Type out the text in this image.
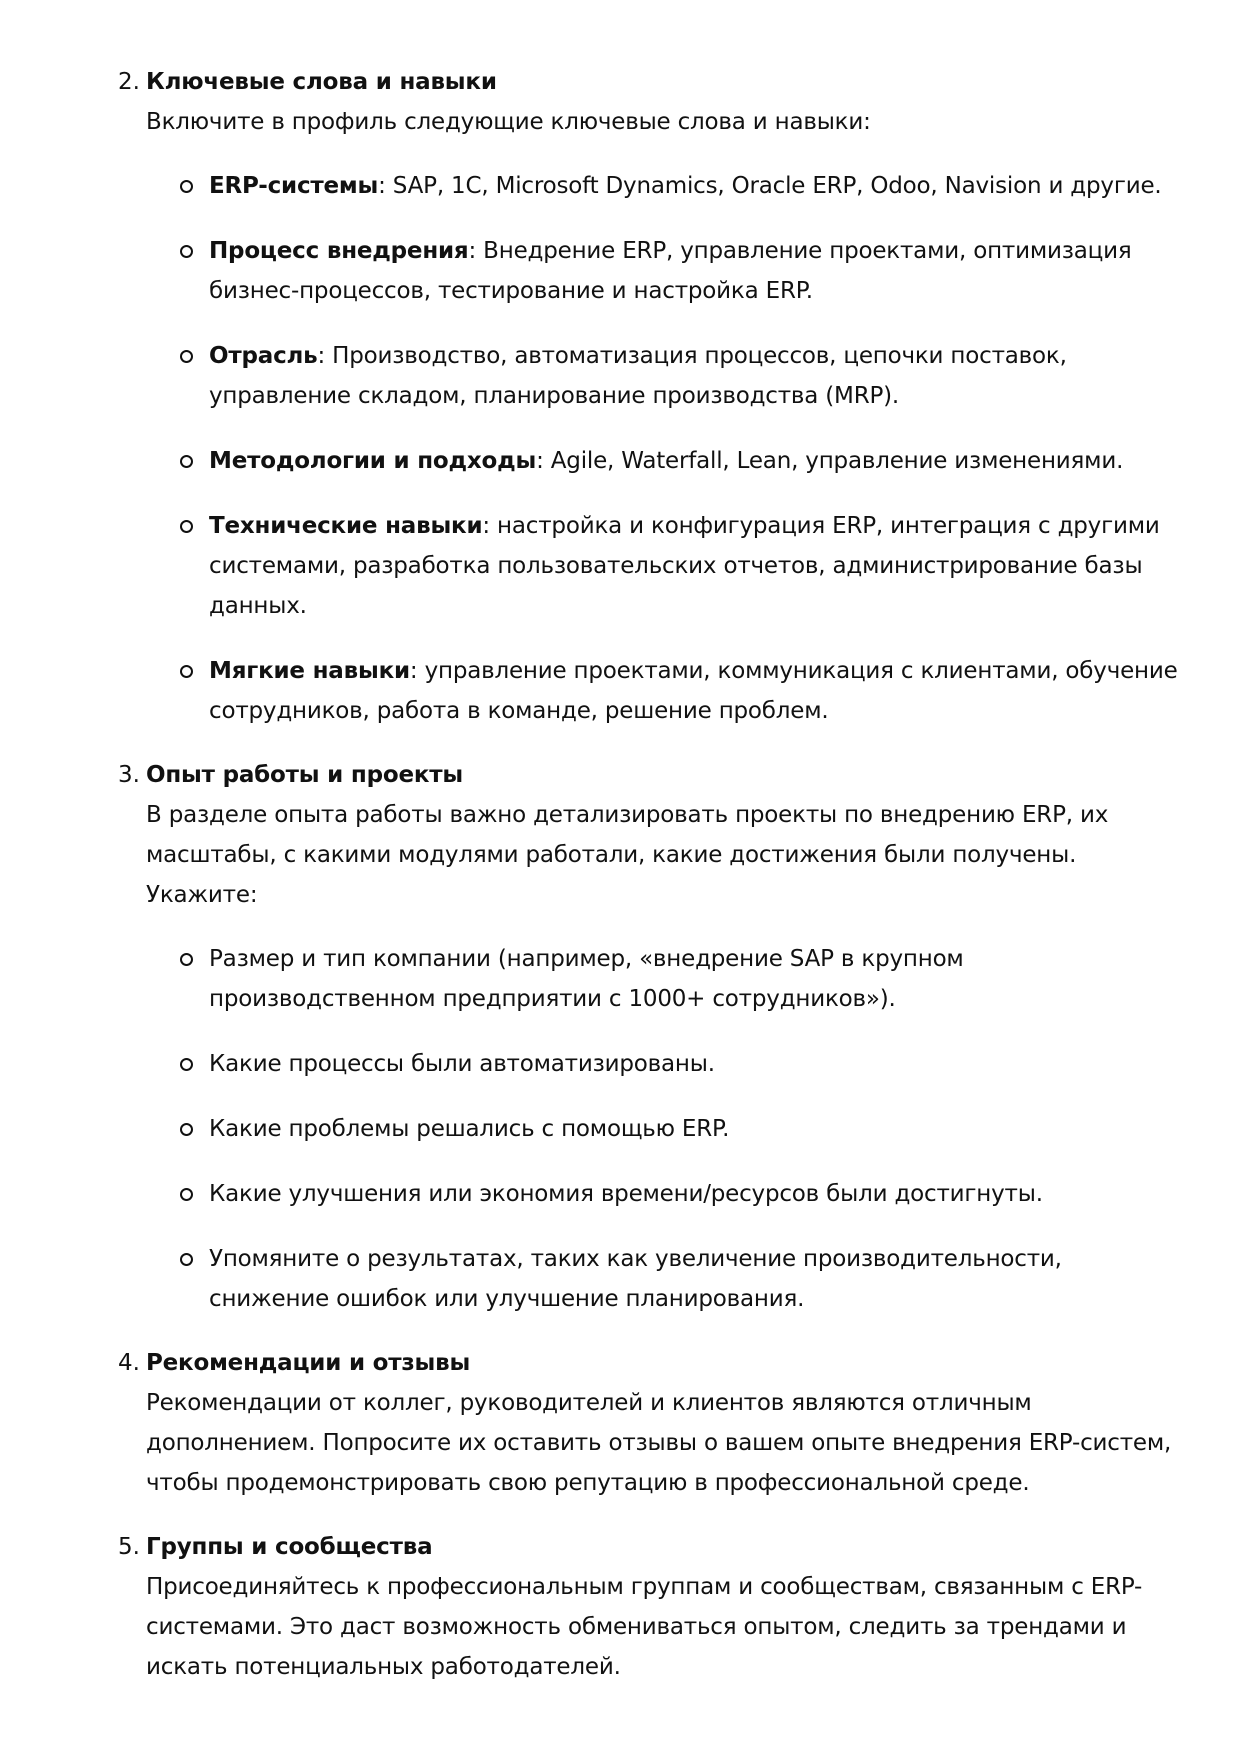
2. Ключевые слова и навыки

Включите в профиль следующие ключевые слова и навыки:

ERP-системы: SAP, 1C, Microsoft Dynamics, Oracle ERP, Odoo, Navision и другие.
Процесс внедрения: Внедрение ERP, управление проектами, оптимизация бизнес-процессов, тестирование и настройка ERP.
Отрасль: Производство, автоматизация процессов, цепочки поставок, управление складом, планирование производства (MRP).
Методологии и подходы: Agile, Waterfall, Lean, управление изменениями.
Технические навыки: настройка и конфигурация ERP, интеграция с другими системами, разработка пользовательских отчетов, администрирование базы данных.
Мягкие навыки: управление проектами, коммуникация с клиентами, обучение сотрудников, работа в команде, решение проблем.
3. Опыт работы и проекты

В разделе опыта работы важно детализировать проекты по внедрению ERP, их масштабы, с какими модулями работали, какие достижения были получены. Укажите:

Размер и тип компании (например, «внедрение SAP в крупном производственном предприятии с 1000+ сотрудников»).
Какие процессы были автоматизированы.
Какие проблемы решались с помощью ERP.
Какие улучшения или экономия времени/ресурсов были достигнуты.
Упомяните о результатах, таких как увеличение производительности, снижение ошибок или улучшение планирования.
4. Рекомендации и отзывы

Рекомендации от коллег, руководителей и клиентов являются отличным дополнением. Попросите их оставить отзывы о вашем опыте внедрения ERP-систем, чтобы продемонстрировать свою репутацию в профессиональной среде.

5. Группы и сообщества

Присоединяйтесь к профессиональным группам и сообществам, связанным с ERP-системами. Это даст возможность обмениваться опытом, следить за трендами и искать потенциальных работодателей.
